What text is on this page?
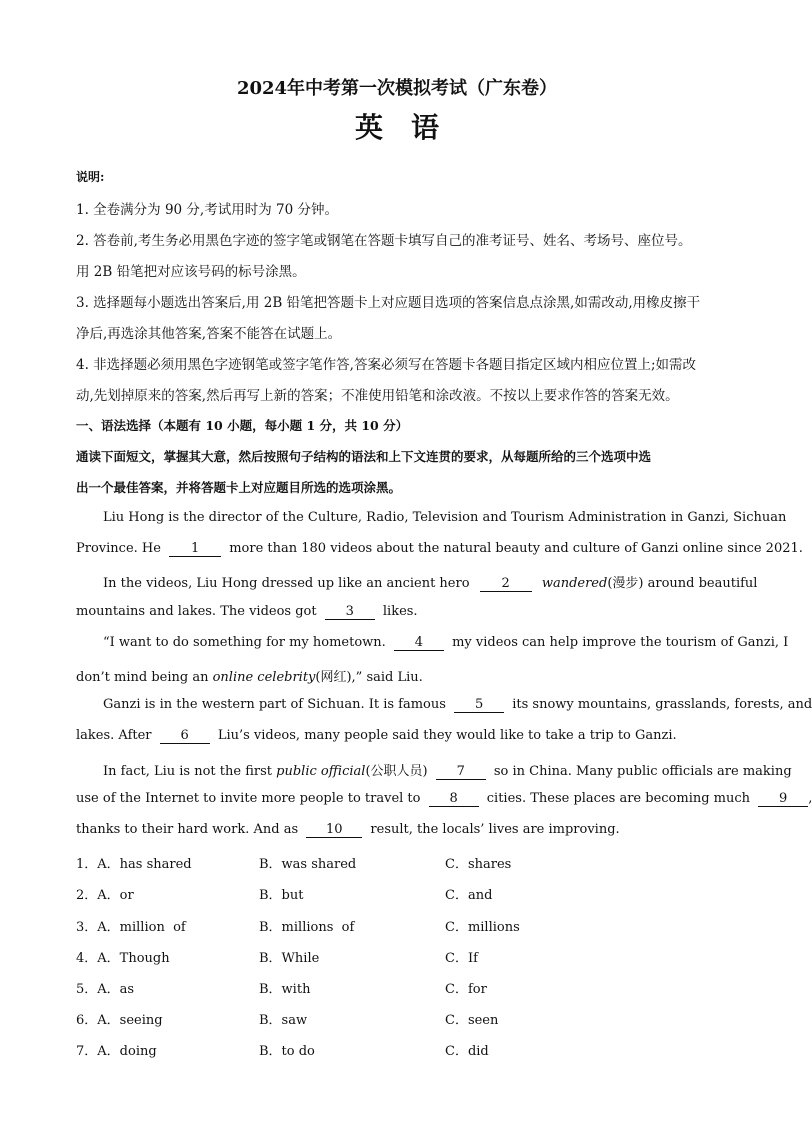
2024年中考第一次模拟考试（广东卷）
英语
说明:
1. 全卷满分为 90 分,考试用时为 70 分钟。
2. 答卷前,考生务必用黑色字迹的签字笔或钢笔在答题卡填写自己的准考证号、姓名、考场号、座位号。
用 2B 铅笔把对应该号码的标号涂黑。
3. 选择题每小题选出答案后,用 2B 铅笔把答题卡上对应题目选项的答案信息点涂黑,如需改动,用橡皮擦干
净后,再选涂其他答案,答案不能答在试题上。
4. 非选择题必须用黑色字迹钢笔或签字笔作答,答案必须写在答题卡各题目指定区域内相应位置上;如需改
动,先划掉原来的答案,然后再写上新的答案；不准使用铅笔和涂改液。不按以上要求作答的答案无效。
一、语法选择（本题有 10 小题，每小题 1 分，共 10 分）
通读下面短文，掌握其大意，然后按照句子结构的语法和上下文连贯的要求，从每题所给的三个选项中选
出一个最佳答案，并将答题卡上对应题目所选的选项涂黑。
Liu Hong is the director of the Culture, Radio, Television and Tourism Administration in Ganzi, Sichuan
Province. He 1 more than 180 videos about the natural beauty and culture of Ganzi online since 2021.
In the videos, Liu Hong dressed up like an ancient hero 2 wandered(漫步) around beautiful
mountains and lakes. The videos got 3 likes.
“I want to do something for my hometown. 4 my videos can help improve the tourism of Ganzi, I
don’t mind being an online celebrity(网红),” said Liu.
Ganzi is in the western part of Sichuan. It is famous 5 its snowy mountains, grasslands, forests, and
lakes. After 6 Liu’s videos, many people said they would like to take a trip to Ganzi.
In fact, Liu is not the first public official(公职人员) 7 so in China. Many public officials are making
use of the Internet to invite more people to travel to 8 cities. These places are becoming much 9 ,
thanks to their hard work. And as 10 result, the locals’ lives are improving.
1．A．has shared	B．was shared	C．shares
2．A．or	B．but	C．and
3．A．million  of	B．millions  of	C．millions
4．A．Though	B．While	C．If
5．A．as	B．with	C．for
6．A．seeing	B．saw	C．seen
7．A．doing	B．to do	C．did
